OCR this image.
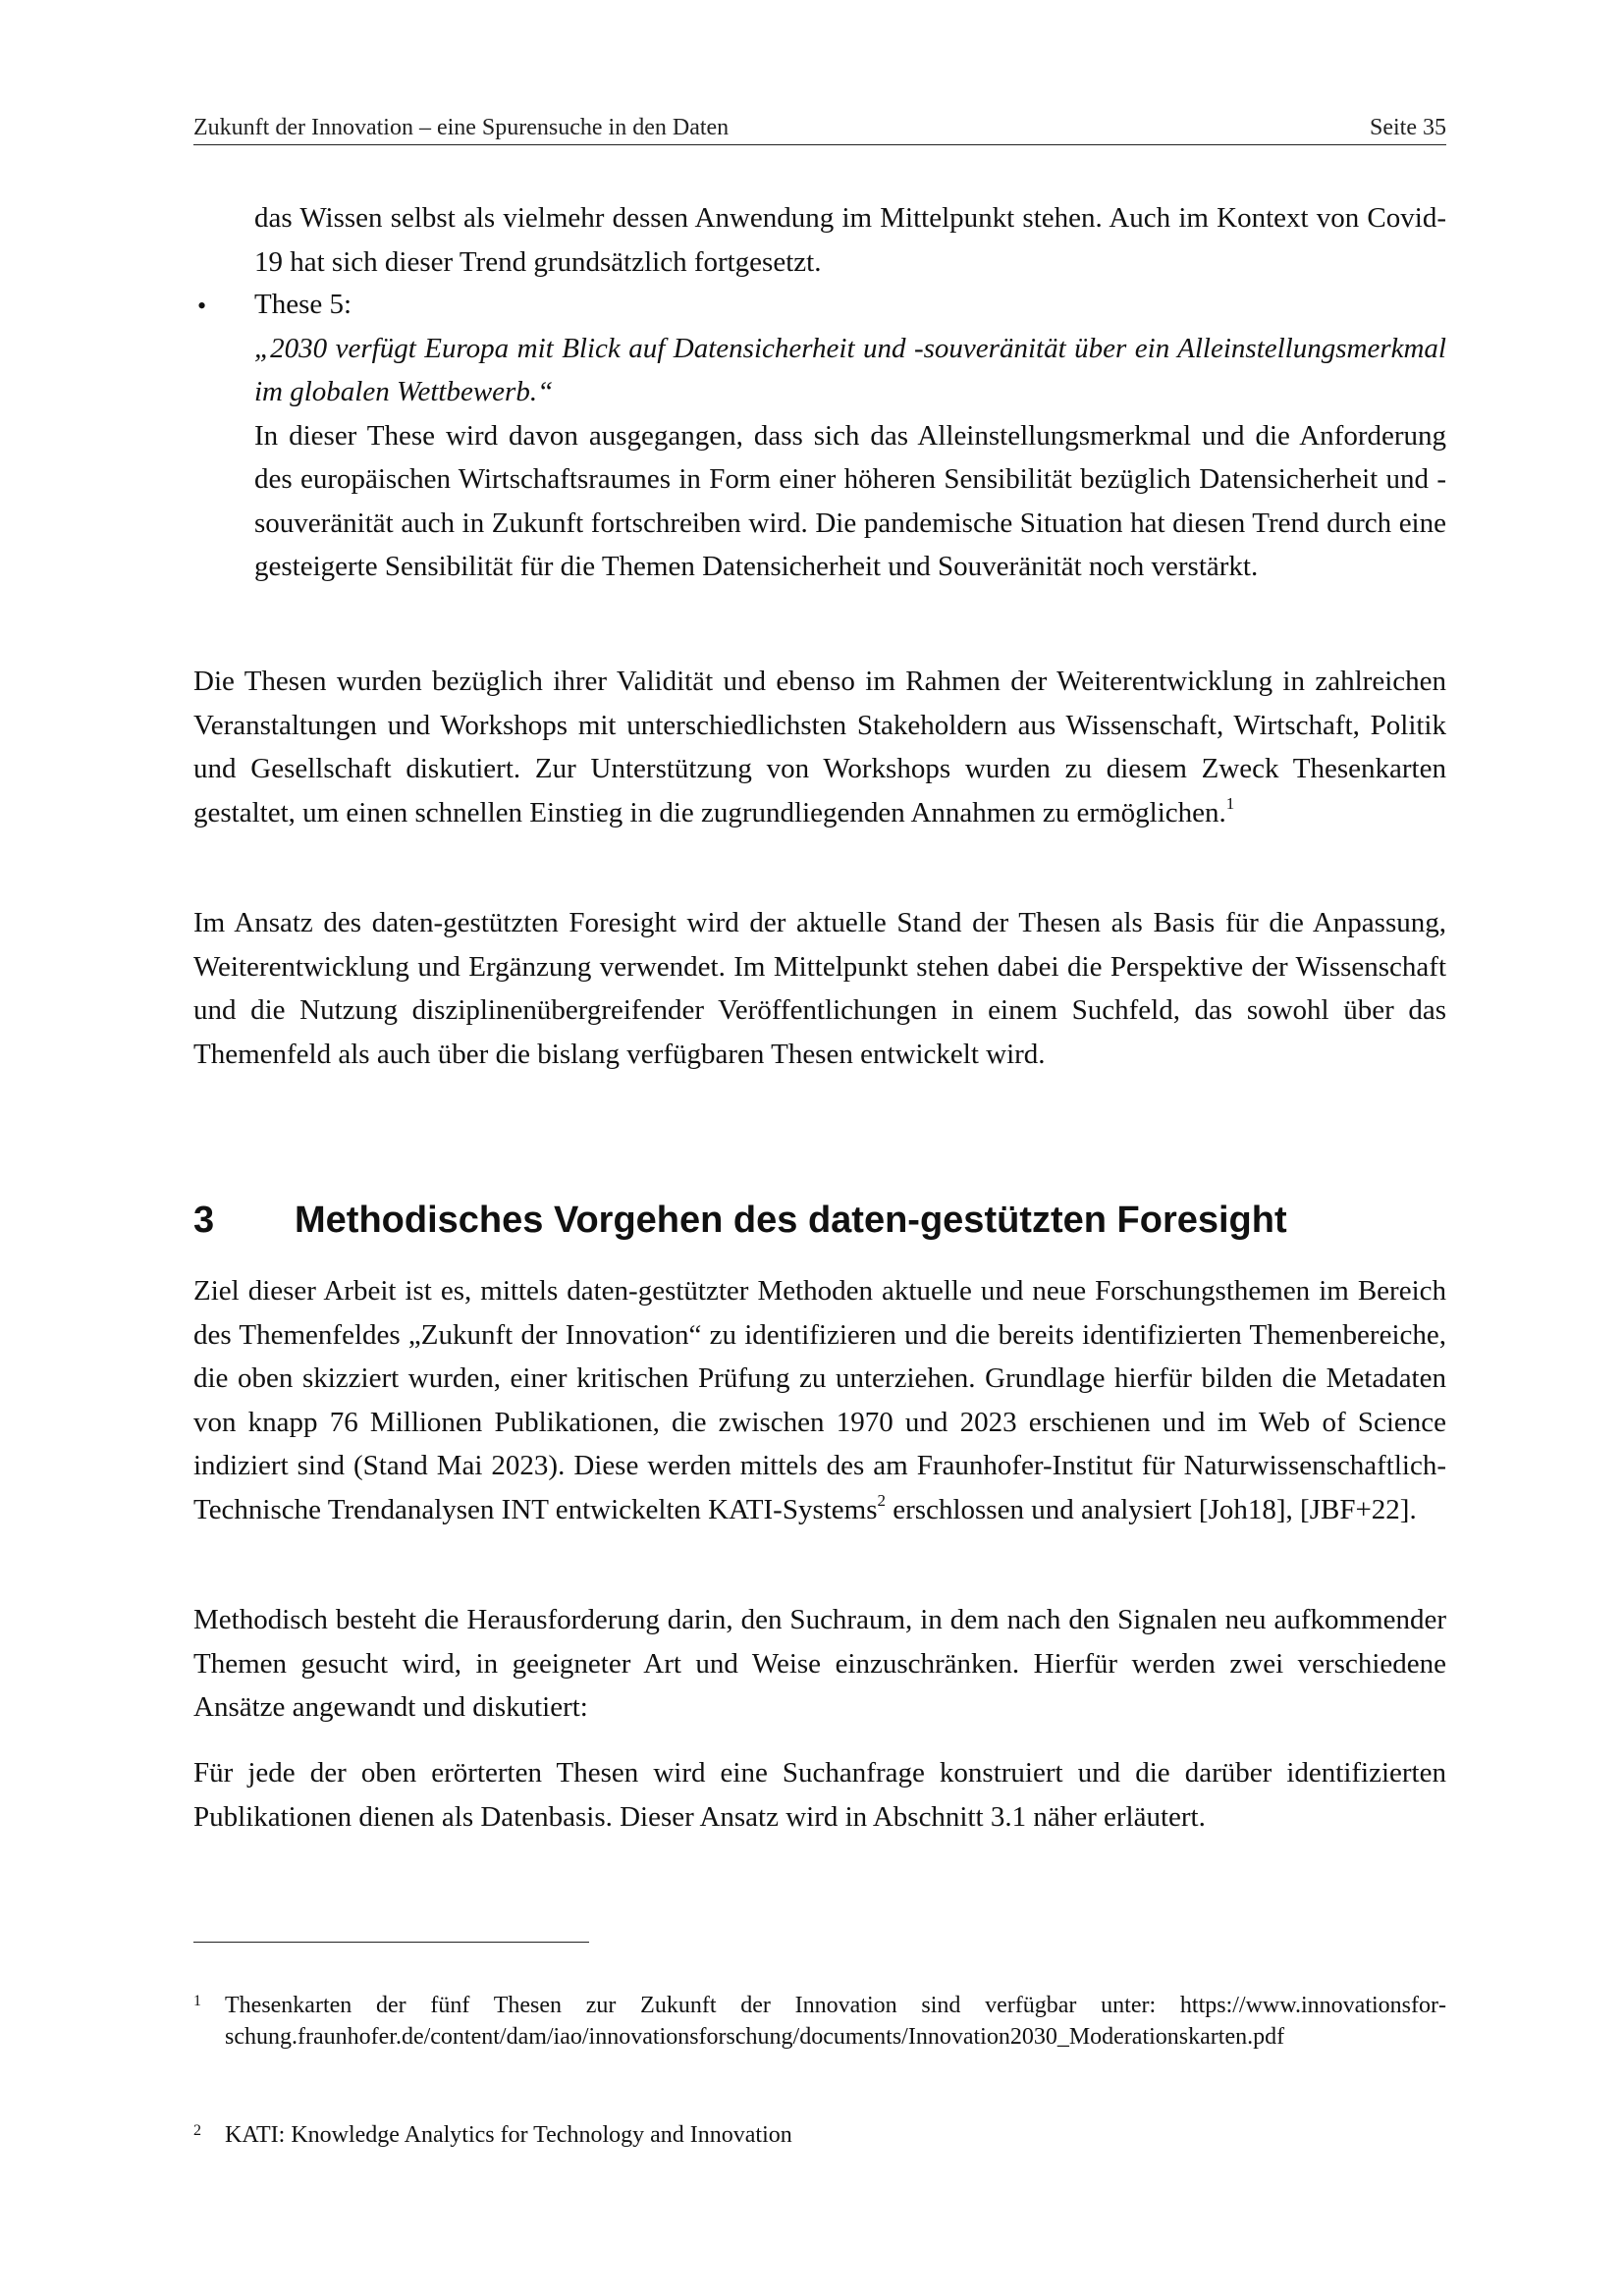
Zukunft der Innovation – eine Spurensuche in den Daten	Seite 35

das Wissen selbst als vielmehr dessen Anwendung im Mittelpunkt stehen. Auch im Kontext von Covid-19 hat sich dieser Trend grundsätzlich fortgesetzt.

• These 5:

„2030 verfügt Europa mit Blick auf Datensicherheit und -souveränität über ein Alleinstellungsmerkmal im globalen Wettbewerb.“

In dieser These wird davon ausgegangen, dass sich das Alleinstellungsmerkmal und die Anforderung des europäischen Wirtschaftsraumes in Form einer höheren Sensibilität bezüglich Datensicherheit und -souveränität auch in Zukunft fortschreiben wird. Die pandemische Situation hat diesen Trend durch eine gesteigerte Sensibilität für die Themen Datensicherheit und Souveränität noch verstärkt.

Die Thesen wurden bezüglich ihrer Validität und ebenso im Rahmen der Weiterentwicklung in zahlreichen Veranstaltungen und Workshops mit unterschiedlichsten Stakeholdern aus Wissenschaft, Wirtschaft, Politik und Gesellschaft diskutiert. Zur Unterstützung von Workshops wurden zu diesem Zweck Thesenkarten gestaltet, um einen schnellen Einstieg in die zugrundliegenden Annahmen zu ermöglichen.$^1$

Im Ansatz des daten-gestützten Foresight wird der aktuelle Stand der Thesen als Basis für die Anpassung, Weiterentwicklung und Ergänzung verwendet. Im Mittelpunkt stehen dabei die Perspektive der Wissenschaft und die Nutzung disziplinenübergreifender Veröffentlichungen in einem Suchfeld, das sowohl über das Themenfeld als auch über die bislang verfügbaren Thesen entwickelt wird.

3 Methodisches Vorgehen des daten-gestützten Foresight

Ziel dieser Arbeit ist es, mittels daten-gestützter Methoden aktuelle und neue Forschungsthemen im Bereich des Themenfeldes „Zukunft der Innovation“ zu identifizieren und die bereits identifizierten Themenbereiche, die oben skizziert wurden, einer kritischen Prüfung zu unterziehen. Grundlage hierfür bilden die Metadaten von knapp 76 Millionen Publikationen, die zwischen 1970 und 2023 erschienen und im Web of Science indiziert sind (Stand Mai 2023). Diese werden mittels des am Fraunhofer-Institut für Naturwissenschaftlich-Technische Trendanalysen INT entwickelten KATI-Systems$^2$ erschlossen und analysiert [Joh18], [JBF+22].

Methodisch besteht die Herausforderung darin, den Suchraum, in dem nach den Signalen neu aufkommender Themen gesucht wird, in geeigneter Art und Weise einzuschränken. Hierfür werden zwei verschiedene Ansätze angewandt und diskutiert:

Für jede der oben erörterten Thesen wird eine Suchanfrage konstruiert und die darüber identifizierten Publikationen dienen als Datenbasis. Dieser Ansatz wird in Abschnitt 3.1 näher erläutert.

1 Thesenkarten der fünf Thesen zur Zukunft der Innovation sind verfügbar unter: https://www.innovationsforschung.fraunhofer.de/content/dam/iao/innovationsforschung/documents/Innovation2030_Moderationskarten.pdf

2 KATI: Knowledge Analytics for Technology and Innovation
